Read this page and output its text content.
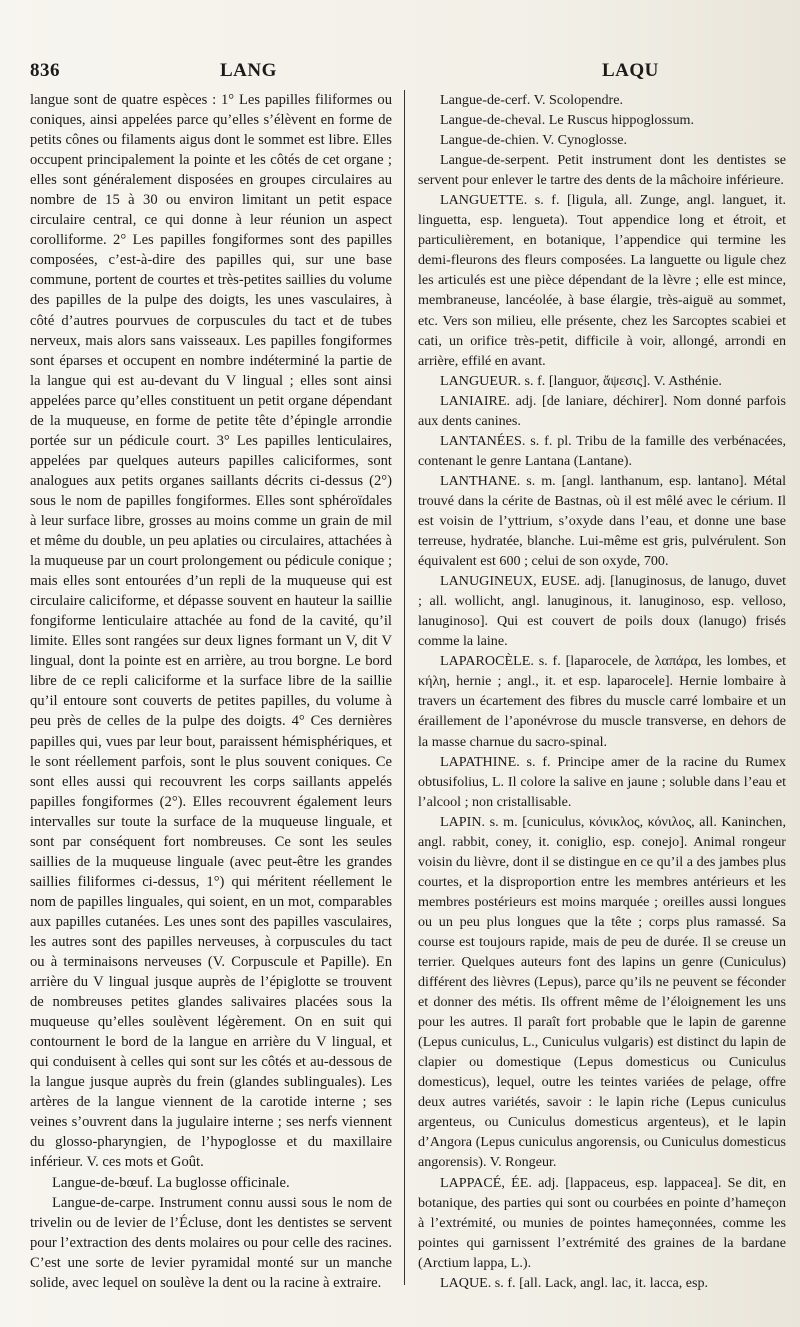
836	LANG	LAQU

langue sont de quatre espèces : 1° Les papilles filiformes ou coniques, ainsi appelées parce qu’elles s’élèvent en forme de petits cônes ou filaments aigus dont le sommet est libre. Elles occupent principalement la pointe et les côtés de cet organe ; elles sont généralement disposées en groupes circulaires au nombre de 15 à 30 ou environ limitant un petit espace circulaire central, ce qui donne à leur réunion un aspect corolliforme. 2° Les papilles fongiformes sont des papilles composées, c’est-à-dire des papilles qui, sur une base commune, portent de courtes et très-petites saillies du volume des papilles de la pulpe des doigts, les unes vasculaires, à côté d’autres pourvues de corpuscules du tact et de tubes nerveux, mais alors sans vaisseaux. Les papilles fongiformes sont éparses et occupent en nombre indéterminé la partie de la langue qui est au-devant du V lingual ; elles sont ainsi appelées parce qu’elles constituent un petit organe dépendant de la muqueuse, en forme de petite tête d’épingle arrondie portée sur un pédicule court. 3° Les papilles lenticulaires, appelées par quelques auteurs papilles caliciformes, sont analogues aux petits organes saillants décrits ci-dessus (2°) sous le nom de papilles fongiformes. Elles sont sphéroïdales à leur surface libre, grosses au moins comme un grain de mil et même du double, un peu aplaties ou circulaires, attachées à la muqueuse par un court prolongement ou pédicule conique ; mais elles sont entourées d’un repli de la muqueuse qui est circulaire caliciforme, et dépasse souvent en hauteur la saillie fongiforme lenticulaire attachée au fond de la cavité, qu’il limite. Elles sont rangées sur deux lignes formant un V, dit V lingual, dont la pointe est en arrière, au trou borgne. Le bord libre de ce repli caliciforme et la surface libre de la saillie qu’il entoure sont couverts de petites papilles, du volume à peu près de celles de la pulpe des doigts. 4° Ces dernières papilles qui, vues par leur bout, paraissent hémisphériques, et le sont réellement parfois, sont le plus souvent coniques. Ce sont elles aussi qui recouvrent les corps saillants appelés papilles fongiformes (2°). Elles recouvrent également leurs intervalles sur toute la surface de la muqueuse linguale, et sont par conséquent fort nombreuses. Ce sont les seules saillies de la muqueuse linguale (avec peut-être les grandes saillies filiformes ci-dessus, 1°) qui méritent réellement le nom de papilles linguales, qui soient, en un mot, comparables aux papilles cutanées. Les unes sont des papilles vasculaires, les autres sont des papilles nerveuses, à corpuscules du tact ou à terminaisons nerveuses (V. Corpuscule et Papille). En arrière du V lingual jusque auprès de l’épiglotte se trouvent de nombreuses petites glandes salivaires placées sous la muqueuse qu’elles soulèvent légèrement. On en suit qui contournent le bord de la langue en arrière du V lingual, et qui conduisent à celles qui sont sur les côtés et au-dessous de la langue jusque auprès du frein (glandes sublinguales). Les artères de la langue viennent de la carotide interne ; ses veines s’ouvrent dans la jugulaire interne ; ses nerfs viennent du glosso-pharyngien, de l’hypoglosse et du maxillaire inférieur. V. ces mots et Goût.

Langue-de-bœuf. La buglosse officinale.

Langue-de-carpe. Instrument connu aussi sous le nom de trivelin ou de levier de l’Écluse, dont les dentistes se servent pour l’extraction des dents molaires ou pour celle des racines. C’est une sorte de levier pyramidal monté sur un manche solide, avec lequel on soulève la dent ou la racine à extraire.

Langue-de-cerf. V. Scolopendre.

Langue-de-cheval. Le Ruscus hippoglossum.

Langue-de-chien. V. Cynoglosse.

Langue-de-serpent. Petit instrument dont les dentistes se servent pour enlever le tartre des dents de la mâchoire inférieure.

LANGUETTE. s. f. [ligula, all. Zunge, angl. languet, it. linguetta, esp. lengueta). Tout appendice long et étroit, et particulièrement, en botanique, l’appendice qui termine les demi-fleurons des fleurs composées. La languette ou ligule chez les articulés est une pièce dépendant de la lèvre ; elle est mince, membraneuse, lancéolée, à base élargie, très-aiguë au sommet, etc. Vers son milieu, elle présente, chez les Sarcoptes scabiei et cati, un orifice très-petit, difficile à voir, allongé, arrondi en arrière, effilé en avant.

LANGUEUR. s. f. [languor, ἄψεσις]. V. Asthénie.

LANIAIRE. adj. [de laniare, déchirer]. Nom donné parfois aux dents canines.

LANTANÉES. s. f. pl. Tribu de la famille des verbénacées, contenant le genre Lantana (Lantane).

LANTHANE. s. m. [angl. lanthanum, esp. lantano]. Métal trouvé dans la cérite de Bastnas, où il est mêlé avec le cérium. Il est voisin de l’yttrium, s’oxyde dans l’eau, et donne une base terreuse, hydratée, blanche. Lui-même est gris, pulvérulent. Son équivalent est 600 ; celui de son oxyde, 700.

LANUGINEUX, EUSE. adj. [lanuginosus, de lanugo, duvet ; all. wollicht, angl. lanuginous, it. lanuginoso, esp. velloso, lanuginoso]. Qui est couvert de poils doux (lanugo) frisés comme la laine.

LAPAROCÈLE. s. f. [laparocele, de λαπάρα, les lombes, et κήλη, hernie ; angl., it. et esp. laparocele]. Hernie lombaire à travers un écartement des fibres du muscle carré lombaire et un éraillement de l’aponévrose du muscle transverse, en dehors de la masse charnue du sacro-spinal.

LAPATHINE. s. f. Principe amer de la racine du Rumex obtusifolius, L. Il colore la salive en jaune ; soluble dans l’eau et l’alcool ; non cristallisable.

LAPIN. s. m. [cuniculus, κόνικλος, κόνιλος, all. Kaninchen, angl. rabbit, coney, it. coniglio, esp. conejo]. Animal rongeur voisin du lièvre, dont il se distingue en ce qu’il a des jambes plus courtes, et la disproportion entre les membres antérieurs et les membres postérieurs est moins marquée ; oreilles aussi longues ou un peu plus longues que la tête ; corps plus ramassé. Sa course est toujours rapide, mais de peu de durée. Il se creuse un terrier. Quelques auteurs font des lapins un genre (Cuniculus) différent des lièvres (Lepus), parce qu’ils ne peuvent se féconder et donner des métis. Ils offrent même de l’éloignement les uns pour les autres. Il paraît fort probable que le lapin de garenne (Lepus cuniculus, L., Cuniculus vulgaris) est distinct du lapin de clapier ou domestique (Lepus domesticus ou Cuniculus domesticus), lequel, outre les teintes variées de pelage, offre deux autres variétés, savoir : le lapin riche (Lepus cuniculus argenteus, ou Cuniculus domesticus argenteus), et le lapin d’Angora (Lepus cuniculus angorensis, ou Cuniculus domesticus angorensis). V. Rongeur.

LAPPACÉ, ÉE. adj. [lappaceus, esp. lappacea]. Se dit, en botanique, des parties qui sont ou courbées en pointe d’hameçon à l’extrémité, ou munies de pointes hameçonnées, comme les pointes qui garnissent l’extrémité des graines de la bardane (Arctium lappa, L.).

LAQUE. s. f. [all. Lack, angl. lac, it. lacca, esp.
